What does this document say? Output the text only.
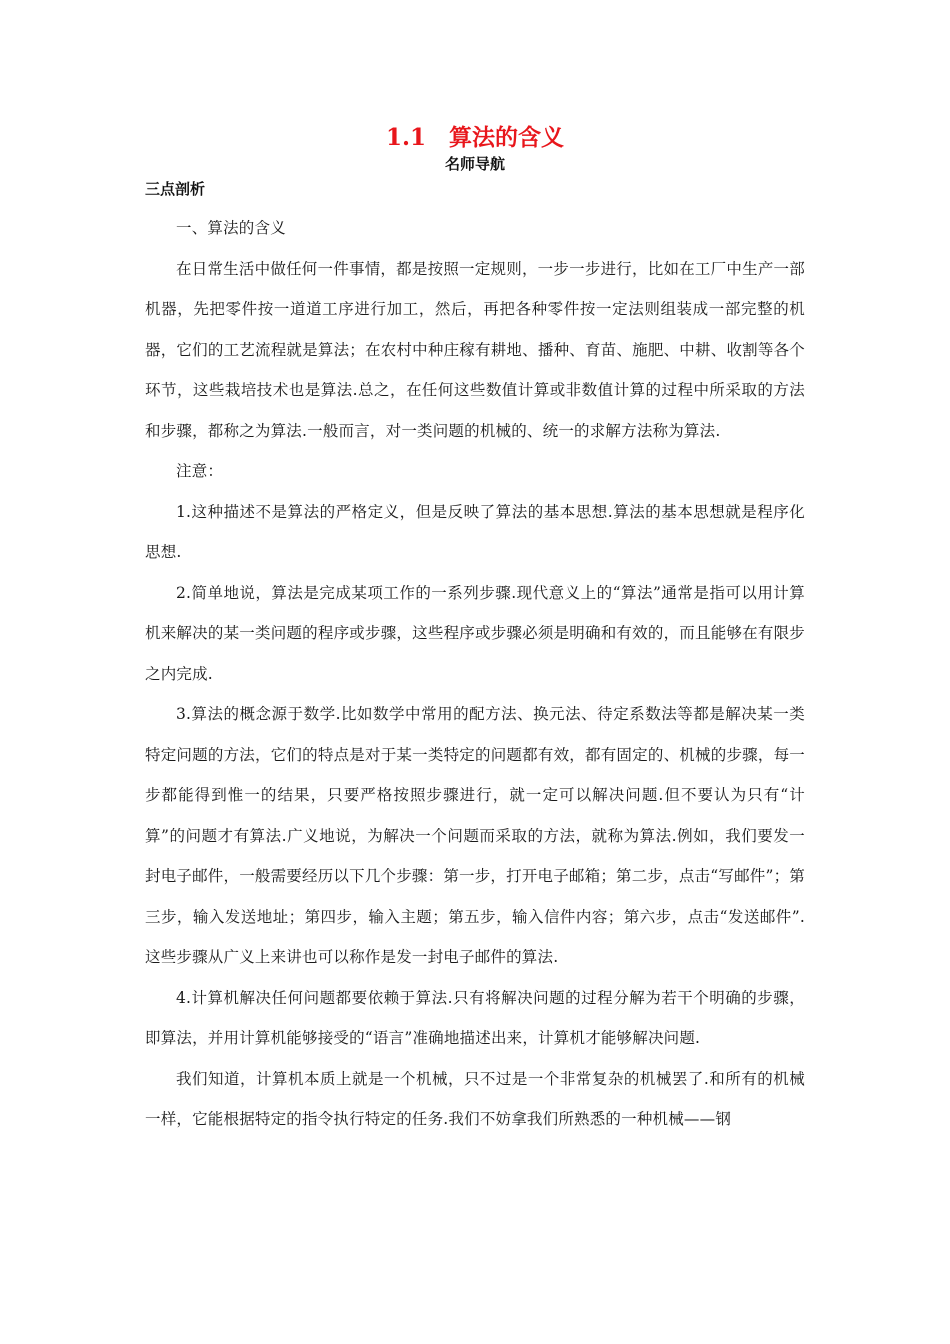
1.1　算法的含义
名师导航
三点剖析

一、算法的含义

在日常生活中做任何一件事情，都是按照一定规则，一步一步进行，比如在工厂中生产一部机器，先把零件按一道道工序进行加工，然后，再把各种零件按一定法则组装成一部完整的机器，它们的工艺流程就是算法；在农村中种庄稼有耕地、播种、育苗、施肥、中耕、收割等各个环节，这些栽培技术也是算法.总之，在任何这些数值计算或非数值计算的过程中所采取的方法和步骤，都称之为算法.一般而言，对一类问题的机械的、统一的求解方法称为算法.

注意：

1.这种描述不是算法的严格定义，但是反映了算法的基本思想.算法的基本思想就是程序化思想.

2.简单地说，算法是完成某项工作的一系列步骤.现代意义上的“算法”通常是指可以用计算机来解决的某一类问题的程序或步骤，这些程序或步骤必须是明确和有效的，而且能够在有限步之内完成.

3.算法的概念源于数学.比如数学中常用的配方法、换元法、待定系数法等都是解决某一类特定问题的方法，它们的特点是对于某一类特定的问题都有效，都有固定的、机械的步骤，每一步都能得到惟一的结果，只要严格按照步骤进行，就一定可以解决问题.但不要认为只有“计算”的问题才有算法.广义地说，为解决一个问题而采取的方法，就称为算法.例如，我们要发一封电子邮件，一般需要经历以下几个步骤：第一步，打开电子邮箱；第二步，点击“写邮件”；第三步，输入发送地址；第四步，输入主题；第五步，输入信件内容；第六步，点击“发送邮件”.这些步骤从广义上来讲也可以称作是发一封电子邮件的算法.

4.计算机解决任何问题都要依赖于算法.只有将解决问题的过程分解为若干个明确的步骤，即算法，并用计算机能够接受的“语言”准确地描述出来，计算机才能够解决问题.

我们知道，计算机本质上就是一个机械，只不过是一个非常复杂的机械罢了.和所有的机械一样，它能根据特定的指令执行特定的任务.我们不妨拿我们所熟悉的一种机械——钢
